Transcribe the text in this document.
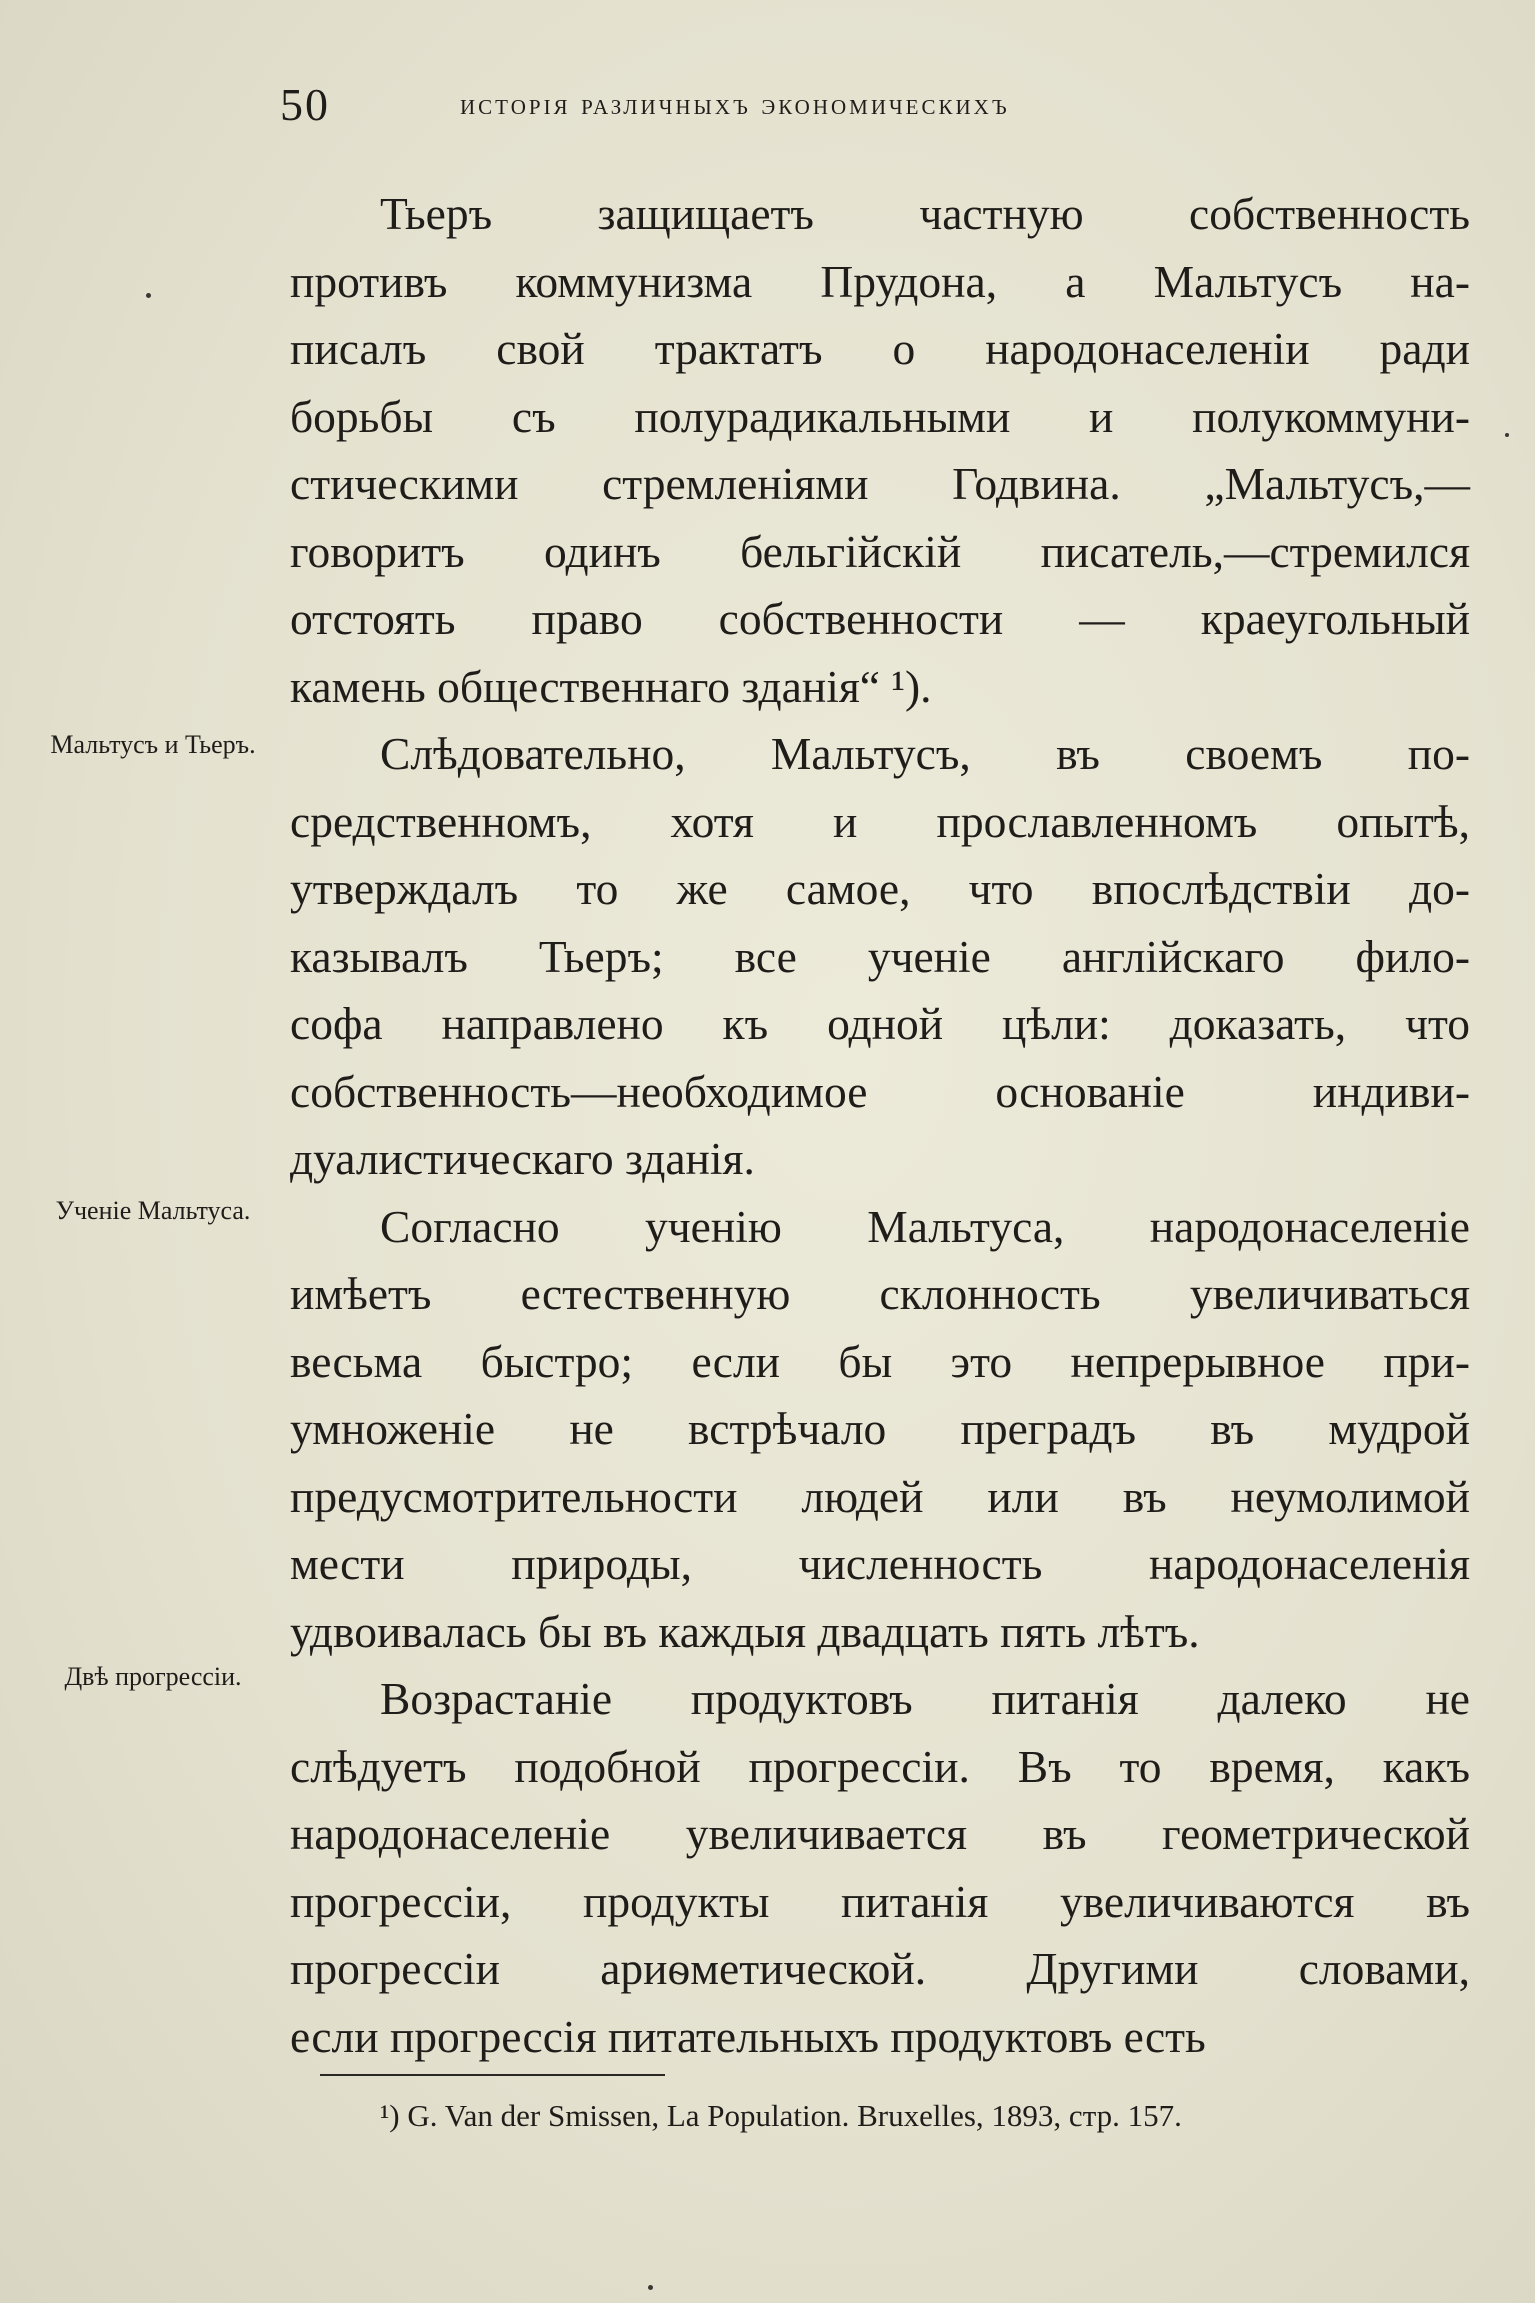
50	исторія различныхъ экономическихъ
Мальтусъ и Тьеръ.
Ученіе Мальтуса.
Двѣ прогрессіи.
Тьеръ защищаетъ частную собственность
противъ коммунизма Прудона, а Мальтусъ на-
писалъ свой трактатъ о народонаселеніи ради
борьбы съ полурадикальными и полукоммуни-
стическими стремленіями Годвина. „Мальтусъ,—
говоритъ одинъ бельгійскій писатель,—стремился
отстоять право собственности — краеугольный
камень общественнаго зданія“ ¹).
Слѣдовательно, Мальтусъ, въ своемъ по-
средственномъ, хотя и прославленномъ опытѣ,
утверждалъ то же самое, что впослѣдствіи до-
казывалъ Тьеръ; все ученіе англійскаго фило-
софа направлено къ одной цѣли: доказать, что
собственность—необходимое основаніе индиви-
дуалистическаго зданія.
Согласно ученію Мальтуса, народонаселеніе
имѣетъ естественную склонность увеличиваться
весьма быстро; если бы это непрерывное при-
умноженіе не встрѣчало преградъ въ мудрой
предусмотрительности людей или въ неумолимой
мести природы, численность народонаселенія
удвоивалась бы въ каждыя двадцать пять лѣтъ.
Возрастаніе продуктовъ питанія далеко не
слѣдуетъ подобной прогрессіи. Въ то время, какъ
народонаселеніе увеличивается въ геометрической
прогрессіи, продукты питанія увеличиваются въ
прогрессіи ариѳметической. Другими словами,
если прогрессія питательныхъ продуктовъ есть
¹) G. Van der Smissen, La Population. Bruxelles, 1893, стр. 157.
